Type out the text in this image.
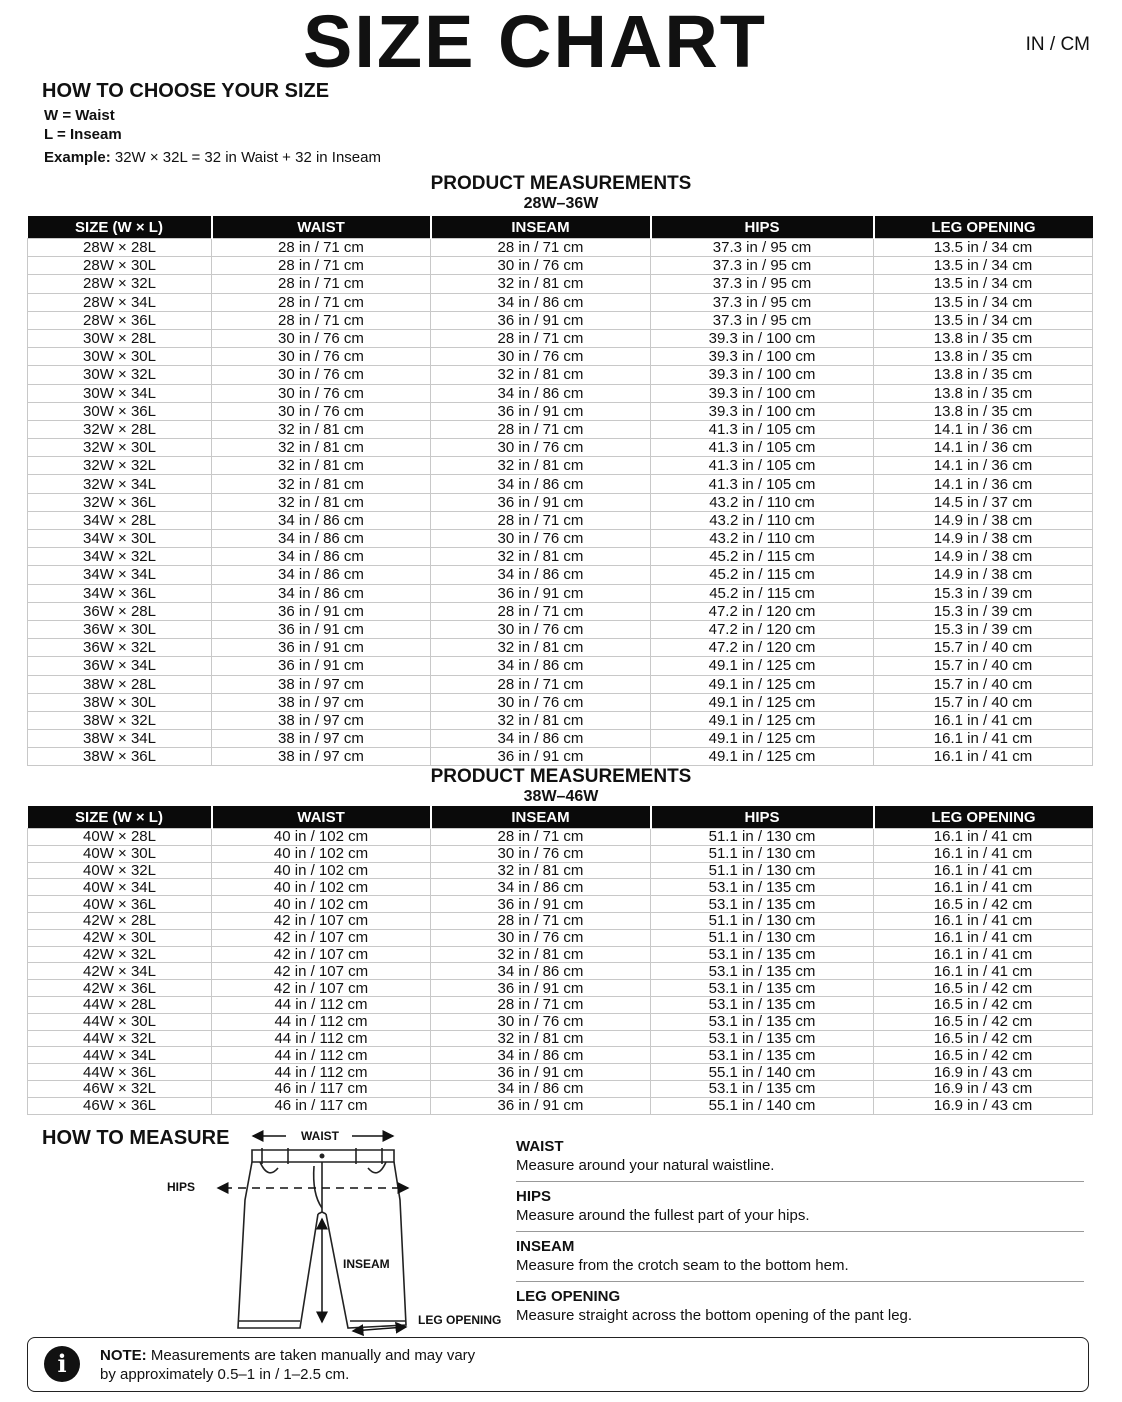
SIZE CHART	IN / CM
HOW TO CHOOSE YOUR SIZE
W = Waist
L = Inseam
Example: 32W × 32L = 32 in Waist + 32 in Inseam
PRODUCT MEASUREMENTS
28W–36W
SIZE (W × L)	WAIST	INSEAM	HIPS	LEG OPENING
28W × 28L	28 in / 71 cm	28 in / 71 cm	37.3 in / 95 cm	13.5 in / 34 cm
28W × 30L	28 in / 71 cm	30 in / 76 cm	37.3 in / 95 cm	13.5 in / 34 cm
28W × 32L	28 in / 71 cm	32 in / 81 cm	37.3 in / 95 cm	13.5 in / 34 cm
28W × 34L	28 in / 71 cm	34 in / 86 cm	37.3 in / 95 cm	13.5 in / 34 cm
28W × 36L	28 in / 71 cm	36 in / 91 cm	37.3 in / 95 cm	13.5 in / 34 cm
30W × 28L	30 in / 76 cm	28 in / 71 cm	39.3 in / 100 cm	13.8 in / 35 cm
30W × 30L	30 in / 76 cm	30 in / 76 cm	39.3 in / 100 cm	13.8 in / 35 cm
30W × 32L	30 in / 76 cm	32 in / 81 cm	39.3 in / 100 cm	13.8 in / 35 cm
30W × 34L	30 in / 76 cm	34 in / 86 cm	39.3 in / 100 cm	13.8 in / 35 cm
30W × 36L	30 in / 76 cm	36 in / 91 cm	39.3 in / 100 cm	13.8 in / 35 cm
32W × 28L	32 in / 81 cm	28 in / 71 cm	41.3 in / 105 cm	14.1 in / 36 cm
32W × 30L	32 in / 81 cm	30 in / 76 cm	41.3 in / 105 cm	14.1 in / 36 cm
32W × 32L	32 in / 81 cm	32 in / 81 cm	41.3 in / 105 cm	14.1 in / 36 cm
32W × 34L	32 in / 81 cm	34 in / 86 cm	41.3 in / 105 cm	14.1 in / 36 cm
32W × 36L	32 in / 81 cm	36 in / 91 cm	43.2 in / 110 cm	14.5 in / 37 cm
34W × 28L	34 in / 86 cm	28 in / 71 cm	43.2 in / 110 cm	14.9 in / 38 cm
34W × 30L	34 in / 86 cm	30 in / 76 cm	43.2 in / 110 cm	14.9 in / 38 cm
34W × 32L	34 in / 86 cm	32 in / 81 cm	45.2 in / 115 cm	14.9 in / 38 cm
34W × 34L	34 in / 86 cm	34 in / 86 cm	45.2 in / 115 cm	14.9 in / 38 cm
34W × 36L	34 in / 86 cm	36 in / 91 cm	45.2 in / 115 cm	15.3 in / 39 cm
36W × 28L	36 in / 91 cm	28 in / 71 cm	47.2 in / 120 cm	15.3 in / 39 cm
36W × 30L	36 in / 91 cm	30 in / 76 cm	47.2 in / 120 cm	15.3 in / 39 cm
36W × 32L	36 in / 91 cm	32 in / 81 cm	47.2 in / 120 cm	15.7 in / 40 cm
36W × 34L	36 in / 91 cm	34 in / 86 cm	49.1 in / 125 cm	15.7 in / 40 cm
38W × 28L	38 in / 97 cm	28 in / 71 cm	49.1 in / 125 cm	15.7 in / 40 cm
38W × 30L	38 in / 97 cm	30 in / 76 cm	49.1 in / 125 cm	15.7 in / 40 cm
38W × 32L	38 in / 97 cm	32 in / 81 cm	49.1 in / 125 cm	16.1 in / 41 cm
38W × 34L	38 in / 97 cm	34 in / 86 cm	49.1 in / 125 cm	16.1 in / 41 cm
38W × 36L	38 in / 97 cm	36 in / 91 cm	49.1 in / 125 cm	16.1 in / 41 cm
PRODUCT MEASUREMENTS
38W–46W
SIZE (W × L)	WAIST	INSEAM	HIPS	LEG OPENING
40W × 28L	40 in / 102 cm	28 in / 71 cm	51.1 in / 130 cm	16.1 in / 41 cm
40W × 30L	40 in / 102 cm	30 in / 76 cm	51.1 in / 130 cm	16.1 in / 41 cm
40W × 32L	40 in / 102 cm	32 in / 81 cm	51.1 in / 130 cm	16.1 in / 41 cm
40W × 34L	40 in / 102 cm	34 in / 86 cm	53.1 in / 135 cm	16.1 in / 41 cm
40W × 36L	40 in / 102 cm	36 in / 91 cm	53.1 in / 135 cm	16.5 in / 42 cm
42W × 28L	42 in / 107 cm	28 in / 71 cm	51.1 in / 130 cm	16.1 in / 41 cm
42W × 30L	42 in / 107 cm	30 in / 76 cm	51.1 in / 130 cm	16.1 in / 41 cm
42W × 32L	42 in / 107 cm	32 in / 81 cm	53.1 in / 135 cm	16.1 in / 41 cm
42W × 34L	42 in / 107 cm	34 in / 86 cm	53.1 in / 135 cm	16.1 in / 41 cm
42W × 36L	42 in / 107 cm	36 in / 91 cm	53.1 in / 135 cm	16.5 in / 42 cm
44W × 28L	44 in / 112 cm	28 in / 71 cm	53.1 in / 135 cm	16.5 in / 42 cm
44W × 30L	44 in / 112 cm	30 in / 76 cm	53.1 in / 135 cm	16.5 in / 42 cm
44W × 32L	44 in / 112 cm	32 in / 81 cm	53.1 in / 135 cm	16.5 in / 42 cm
44W × 34L	44 in / 112 cm	34 in / 86 cm	53.1 in / 135 cm	16.5 in / 42 cm
44W × 36L	44 in / 112 cm	36 in / 91 cm	55.1 in / 140 cm	16.9 in / 43 cm
46W × 32L	46 in / 117 cm	34 in / 86 cm	53.1 in / 135 cm	16.9 in / 43 cm
46W × 36L	46 in / 117 cm	36 in / 91 cm	55.1 in / 140 cm	16.9 in / 43 cm
HOW TO MEASURE	WAIST
HIPS
INSEAM
LEG OPENING
WAIST
Measure around your natural waistline.
HIPS
Measure around the fullest part of your hips.
INSEAM
Measure from the crotch seam to the bottom hem.
LEG OPENING
Measure straight across the bottom opening of the pant leg.
i	NOTE: Measurements are taken manually and may vary
by approximately 0.5–1 in / 1–2.5 cm.
